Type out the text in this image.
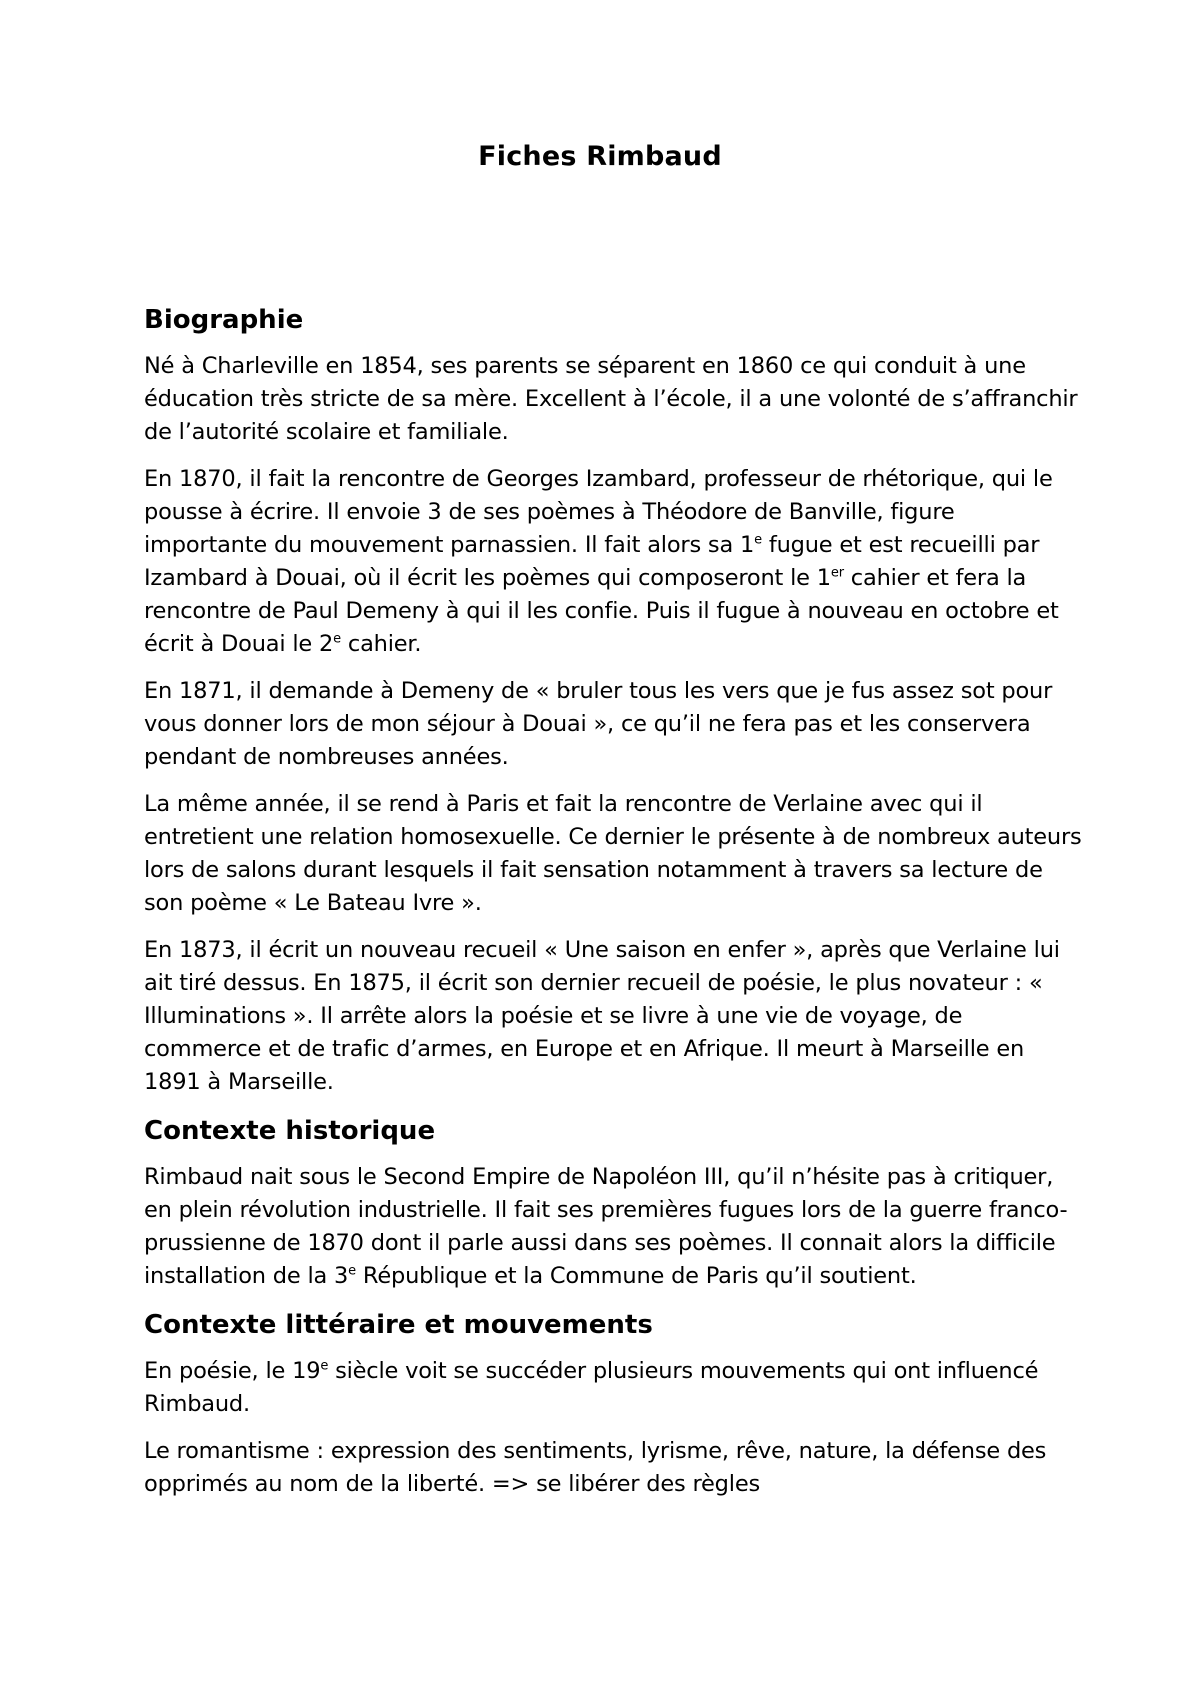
Fiches Rimbaud
Biographie

Né à Charleville en 1854, ses parents se séparent en 1860 ce qui conduit à une éducation très stricte de sa mère. Excellent à l’école, il a une volonté de s’affranchir de l’autorité scolaire et familiale.

En 1870, il fait la rencontre de Georges Izambard, professeur de rhétorique, qui le pousse à écrire. Il envoie 3 de ses poèmes à Théodore de Banville, figure importante du mouvement parnassien. Il fait alors sa 1e fugue et est recueilli par Izambard à Douai, où il écrit les poèmes qui composeront le 1er cahier et fera la rencontre de Paul Demeny à qui il les confie. Puis il fugue à nouveau en octobre et écrit à Douai le 2e cahier.

En 1871, il demande à Demeny de « bruler tous les vers que je fus assez sot pour vous donner lors de mon séjour à Douai », ce qu’il ne fera pas et les conservera pendant de nombreuses années.

La même année, il se rend à Paris et fait la rencontre de Verlaine avec qui il entretient une relation homosexuelle. Ce dernier le présente à de nombreux auteurs lors de salons durant lesquels il fait sensation notamment à travers sa lecture de son poème « Le Bateau Ivre ».

En 1873, il écrit un nouveau recueil « Une saison en enfer », après que Verlaine lui ait tiré dessus. En 1875, il écrit son dernier recueil de poésie, le plus novateur : « Illuminations ». Il arrête alors la poésie et se livre à une vie de voyage, de commerce et de trafic d’armes, en Europe et en Afrique. Il meurt à Marseille en 1891 à Marseille.

Contexte historique

Rimbaud nait sous le Second Empire de Napoléon III, qu’il n’hésite pas à critiquer, en plein révolution industrielle. Il fait ses premières fugues lors de la guerre franco-prussienne de 1870 dont il parle aussi dans ses poèmes. Il connait alors la difficile installation de la 3e République et la Commune de Paris qu’il soutient.

Contexte littéraire et mouvements

En poésie, le 19e siècle voit se succéder plusieurs mouvements qui ont influencé Rimbaud.

Le romantisme : expression des sentiments, lyrisme, rêve, nature, la défense des opprimés au nom de la liberté. => se libérer des règles
